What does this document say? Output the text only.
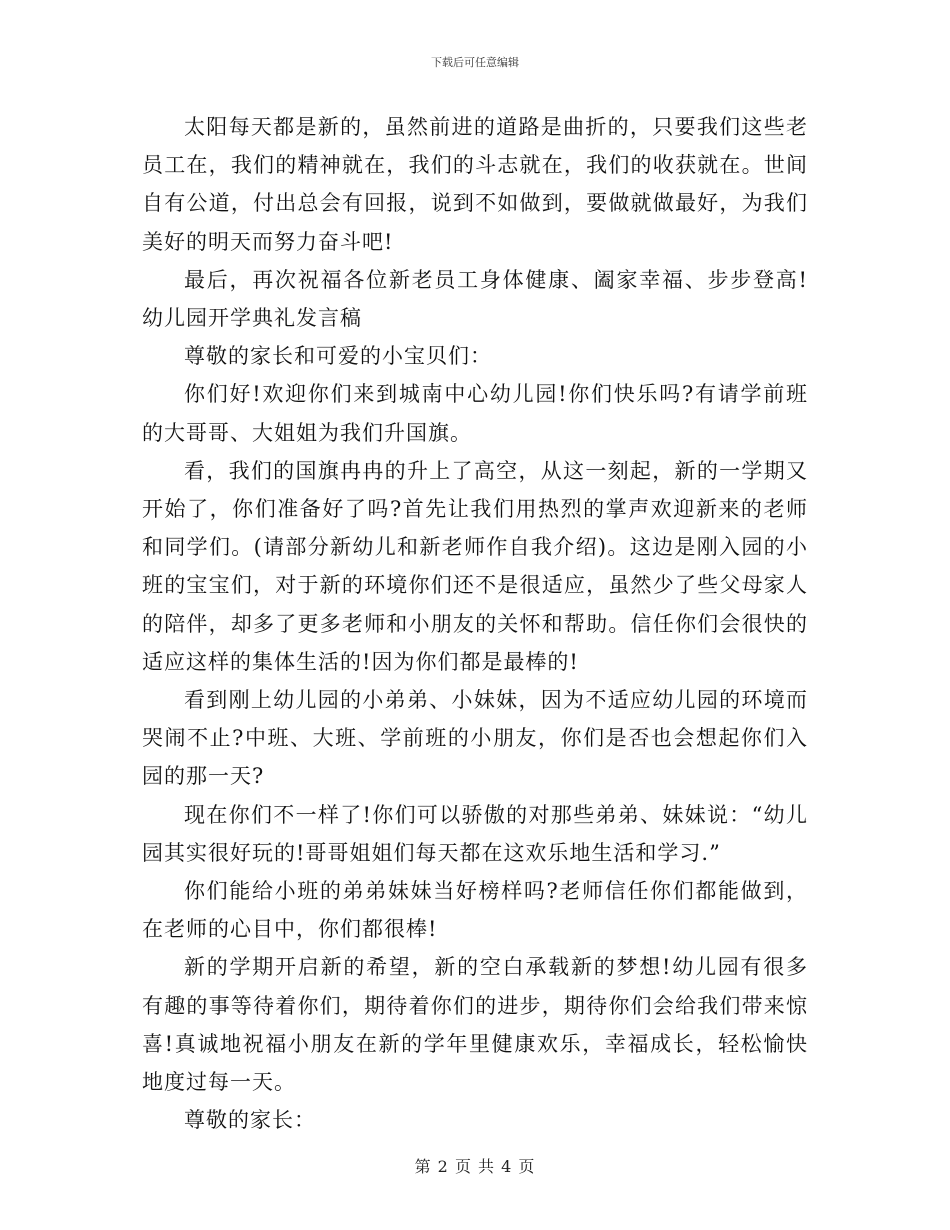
下载后可任意编辑

太阳每天都是新的，虽然前进的道路是曲折的，只要我们这些老员工在，我们的精神就在，我们的斗志就在，我们的收获就在。世间自有公道，付出总会有回报，说到不如做到，要做就做最好，为我们美好的明天而努力奋斗吧!

最后，再次祝福各位新老员工身体健康、阖家幸福、步步登高!幼儿园开学典礼发言稿

尊敬的家长和可爱的小宝贝们：

你们好!欢迎你们来到城南中心幼儿园!你们快乐吗?有请学前班的大哥哥、大姐姐为我们升国旗。

看，我们的国旗冉冉的升上了高空，从这一刻起，新的一学期又开始了，你们准备好了吗?首先让我们用热烈的掌声欢迎新来的老师和同学们。(请部分新幼儿和新老师作自我介绍)。这边是刚入园的小班的宝宝们，对于新的环境你们还不是很适应，虽然少了些父母家人的陪伴，却多了更多老师和小朋友的关怀和帮助。信任你们会很快的适应这样的集体生活的!因为你们都是最棒的!

看到刚上幼儿园的小弟弟、小妹妹，因为不适应幼儿园的环境而哭闹不止?中班、大班、学前班的小朋友，你们是否也会想起你们入园的那一天?

现在你们不一样了!你们可以骄傲的对那些弟弟、妹妹说：“幼儿园其实很好玩的!哥哥姐姐们每天都在这欢乐地生活和学习.”

你们能给小班的弟弟妹妹当好榜样吗?老师信任你们都能做到，在老师的心目中，你们都很棒!

新的学期开启新的希望，新的空白承载新的梦想!幼儿园有很多有趣的事等待着你们，期待着你们的进步，期待你们会给我们带来惊喜!真诚地祝福小朋友在新的学年里健康欢乐，幸福成长，轻松愉快地度过每一天。

尊敬的家长：

第 2 页 共 4 页
